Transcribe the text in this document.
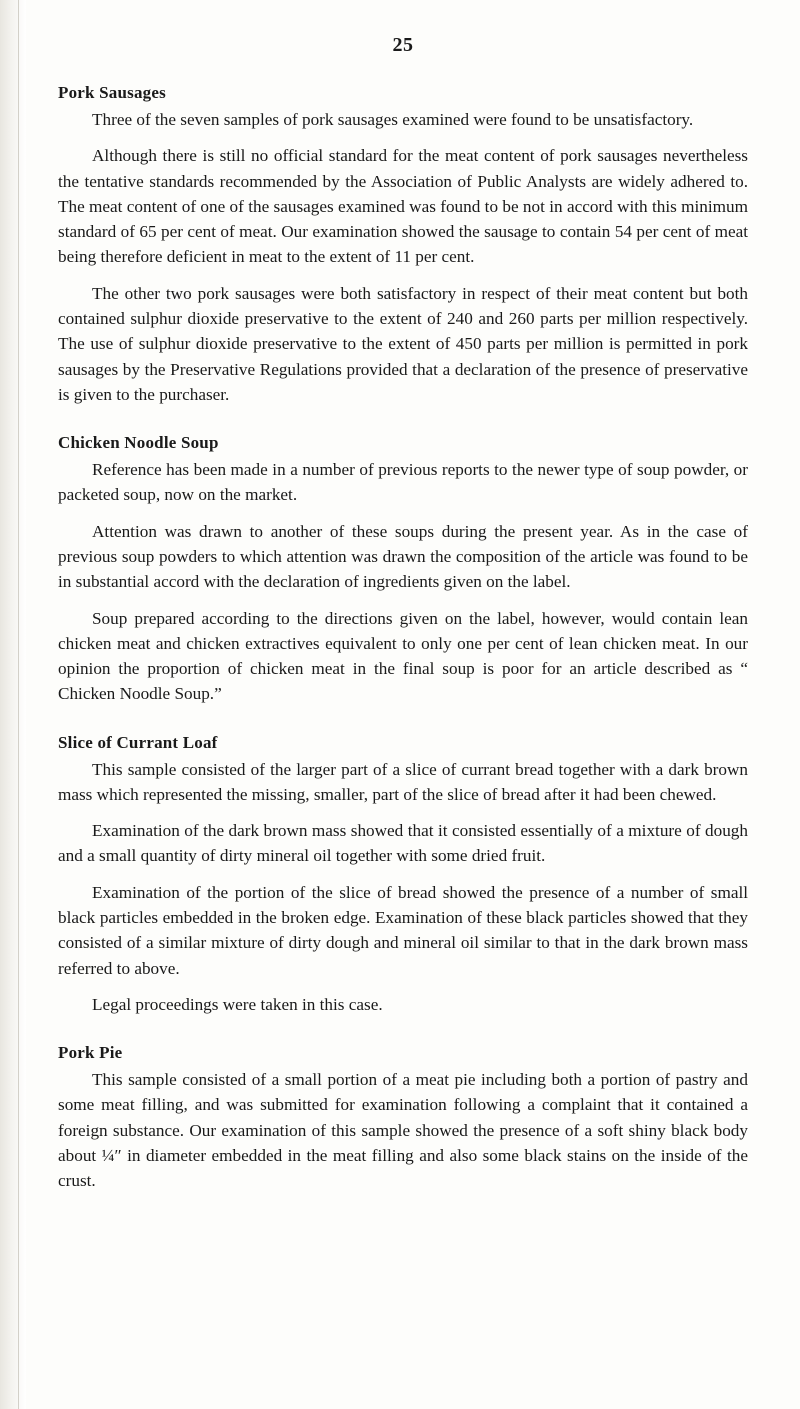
25
Pork Sausages

Three of the seven samples of pork sausages examined were found to be unsatisfactory.

Although there is still no official standard for the meat content of pork sausages nevertheless the tentative standards recommended by the Association of Public Analysts are widely adhered to. The meat content of one of the sausages examined was found to be not in accord with this minimum standard of 65 per cent of meat. Our examination showed the sausage to contain 54 per cent of meat being therefore deficient in meat to the extent of 11 per cent.

The other two pork sausages were both satisfactory in respect of their meat content but both contained sulphur dioxide preservative to the extent of 240 and 260 parts per million respectively. The use of sulphur dioxide preservative to the extent of 450 parts per million is permitted in pork sausages by the Preservative Regulations provided that a declaration of the presence of preservative is given to the purchaser.

Chicken Noodle Soup

Reference has been made in a number of previous reports to the newer type of soup powder, or packeted soup, now on the market.

Attention was drawn to another of these soups during the present year. As in the case of previous soup powders to which attention was drawn the composition of the article was found to be in substantial accord with the declaration of ingredients given on the label.

Soup prepared according to the directions given on the label, however, would contain lean chicken meat and chicken extractives equivalent to only one per cent of lean chicken meat. In our opinion the proportion of chicken meat in the final soup is poor for an article described as “ Chicken Noodle Soup.”

Slice of Currant Loaf

This sample consisted of the larger part of a slice of currant bread together with a dark brown mass which represented the missing, smaller, part of the slice of bread after it had been chewed.

Examination of the dark brown mass showed that it consisted essentially of a mixture of dough and a small quantity of dirty mineral oil together with some dried fruit.

Examination of the portion of the slice of bread showed the presence of a number of small black particles embedded in the broken edge. Examination of these black particles showed that they consisted of a similar mixture of dirty dough and mineral oil similar to that in the dark brown mass referred to above.

Legal proceedings were taken in this case.

Pork Pie

This sample consisted of a small portion of a meat pie including both a portion of pastry and some meat filling, and was submitted for examination following a complaint that it contained a foreign substance. Our examination of this sample showed the presence of a soft shiny black body about ¼″ in diameter embedded in the meat filling and also some black stains on the inside of the crust.
